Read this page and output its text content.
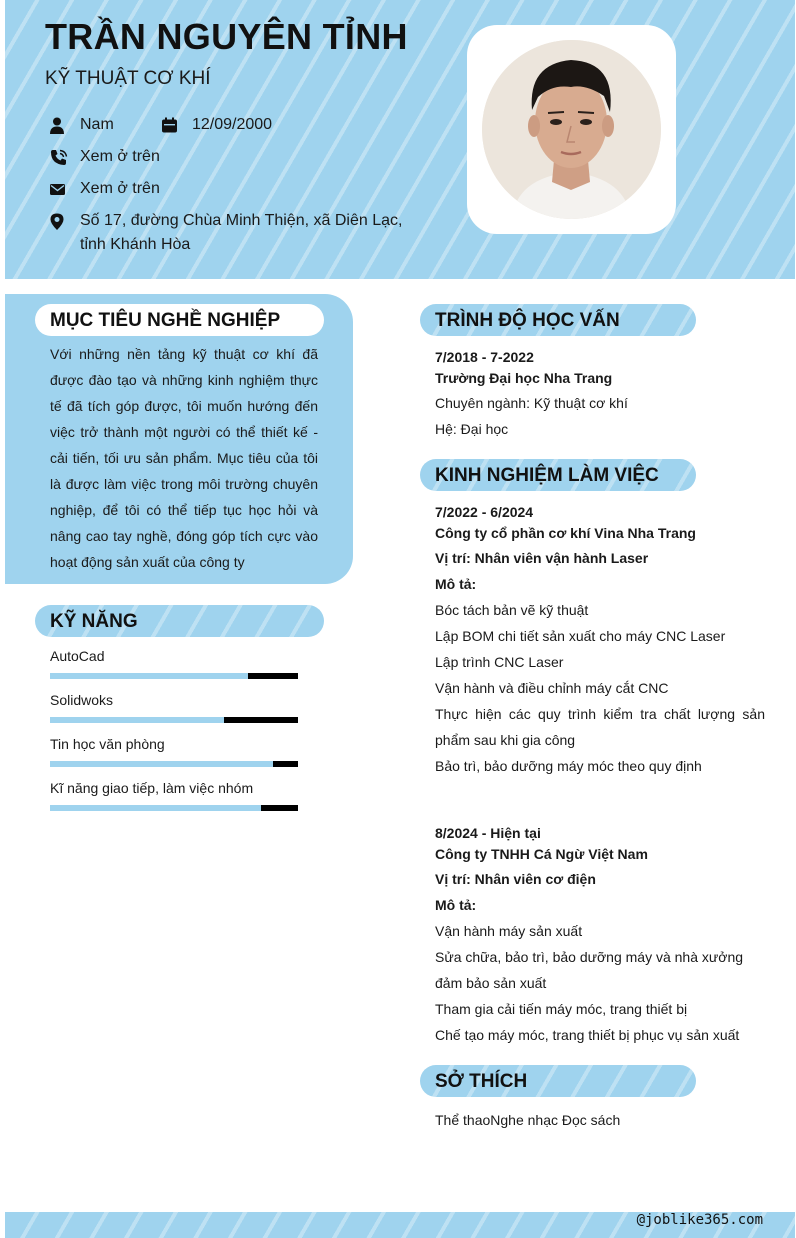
TRẦN NGUYÊN TỈNH
KỸ THUẬT CƠ KHÍ
Nam	12/09/2000
Xem ở trên
Xem ở trên
Số 17, đường Chùa Minh Thiện, xã Diên Lạc, tỉnh Khánh Hòa
MỤC TIÊU NGHỀ NGHIỆP
Với những nền tảng kỹ thuật cơ khí đã được đào tạo và những kinh nghiệm thực tế đã tích góp được, tôi muốn hướng đến việc trở thành một người có thể thiết kế - cải tiến, tối ưu sản phẩm. Mục tiêu của tôi là được làm việc trong môi trường chuyên nghiệp, để tôi có thể tiếp tục học hỏi và nâng cao tay nghề, đóng góp tích cực vào hoạt động sản xuất của công ty
KỸ NĂNG
AutoCad
Solidwoks
Tin học văn phòng
Kĩ năng giao tiếp, làm việc nhóm
TRÌNH ĐỘ HỌC VẤN
7/2018 - 7-2022
Trường Đại học Nha Trang
Chuyên ngành: Kỹ thuật cơ khí
Hệ: Đại học
KINH NGHIỆM LÀM VIỆC
7/2022 - 6/2024
Công ty cổ phần cơ khí Vina Nha Trang
Vị trí: Nhân viên vận hành Laser
Mô tả:
Bóc tách bản vẽ kỹ thuật
Lập BOM chi tiết sản xuất cho máy CNC Laser
Lập trình CNC Laser
Vận hành và điều chỉnh máy cắt CNC
Thực hiện các quy trình kiểm tra chất lượng sản phẩm sau khi gia công
Bảo trì, bảo dưỡng máy móc theo quy định
8/2024 - Hiện tại
Công ty TNHH Cá Ngừ Việt Nam
Vị trí: Nhân viên cơ điện
Mô tả:
Vận hành máy sản xuất
Sửa chữa, bảo trì, bảo dưỡng máy và nhà xưởng đảm bảo sản xuất
Tham gia cải tiến máy móc, trang thiết bị
Chế tạo máy móc, trang thiết bị phục vụ sản xuất
SỞ THÍCH
Thể thaoNghe nhạc Đọc sách
@joblike365.com
